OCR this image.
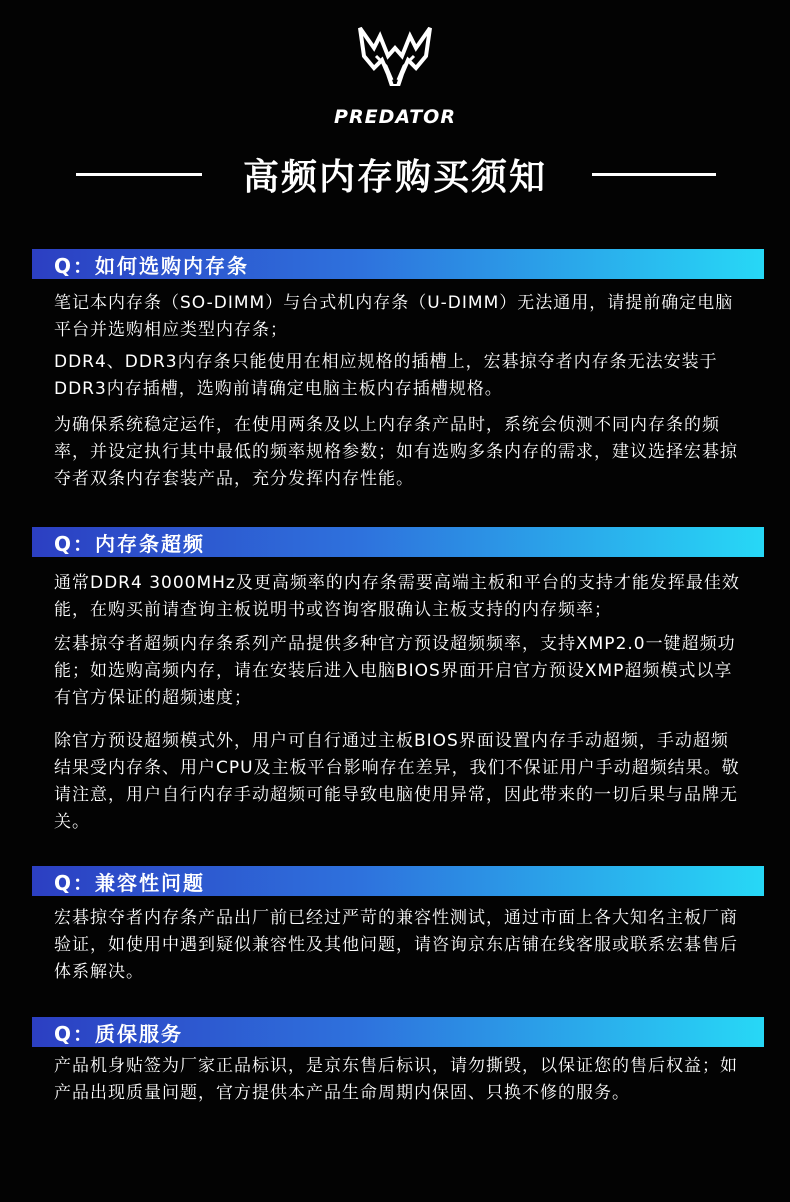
PREDATOR
高频内存购买须知
Q：如何选购内存条

笔记本内存条（SO-DIMM）与台式机内存条（U-DIMM）无法通用，请提前确定电脑平台并选购相应类型内存条；

DDR4、DDR3内存条只能使用在相应规格的插槽上，宏碁掠夺者内存条无法安装于DDR3内存插槽，选购前请确定电脑主板内存插槽规格。

为确保系统稳定运作，在使用两条及以上内存条产品时，系统会侦测不同内存条的频率，并设定执行其中最低的频率规格参数；如有选购多条内存的需求，建议选择宏碁掠夺者双条内存套装产品，充分发挥内存性能。

Q：内存条超频

通常DDR4 3000MHz及更高频率的内存条需要高端主板和平台的支持才能发挥最佳效能，在购买前请查询主板说明书或咨询客服确认主板支持的内存频率；

宏碁掠夺者超频内存条系列产品提供多种官方预设超频频率，支持XMP2.0一键超频功能；如选购高频内存，请在安装后进入电脑BIOS界面开启官方预设XMP超频模式以享有官方保证的超频速度；

除官方预设超频模式外，用户可自行通过主板BIOS界面设置内存手动超频，手动超频结果受内存条、用户CPU及主板平台影响存在差异，我们不保证用户手动超频结果。敬请注意，用户自行内存手动超频可能导致电脑使用异常，因此带来的一切后果与品牌无关。

Q：兼容性问题

宏碁掠夺者内存条产品出厂前已经过严苛的兼容性测试，通过市面上各大知名主板厂商验证，如使用中遇到疑似兼容性及其他问题，请咨询京东店铺在线客服或联系宏碁售后体系解决。

Q：质保服务

产品机身贴签为厂家正品标识，是京东售后标识，请勿撕毁，以保证您的售后权益；如产品出现质量问题，官方提供本产品生命周期内保固、只换不修的服务。
